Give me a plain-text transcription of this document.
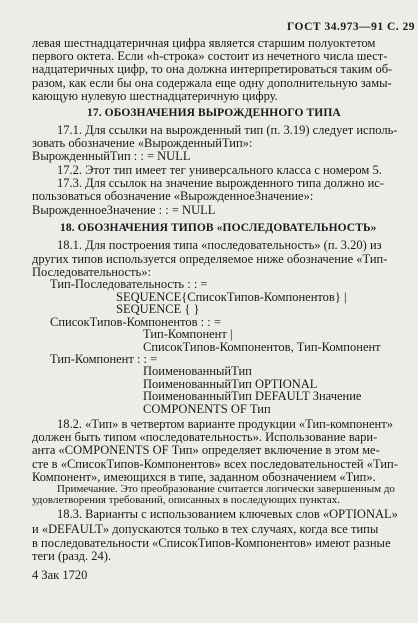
ГОСТ 34.973—91 С. 29
левая шестнадцатеричная цифра является старшим полуоктетом
первого октета. Если «h-строка» состоит из нечетного числа шест-
надцатеричных цифр, то она должна интерпретироваться таким об-
разом, как если бы она содержала еще одну дополнительную замы-
кающую нулевую шестнадцатеричную цифру.
17. ОБОЗНАЧЕНИЯ ВЫРОЖДЕННОГО ТИПА
17.1. Для ссылки на вырожденный тип (п. 3.19) следует исполь-
зовать обозначение «ВырожденныйТип»:
ВырожденныйТип : : = NULL
17.2. Этот тип имеет тег универсального класса с номером 5.
17.3. Для ссылок на значение вырожденного типа должно ис-
пользоваться обозначение «ВырожденноеЗначение»:
ВырожденноеЗначение : : = NULL
18. ОБОЗНАЧЕНИЯ ТИПОВ «ПОСЛЕДОВАТЕЛЬНОСТЬ»
18.1. Для построения типа «последовательность» (п. 3.20) из
других типов используется определяемое ниже обозначение «Тип-
Последовательность»:
Тип-Последовательность : : =
SEQUENCE{СписокТипов-Компонентов} |
SEQUENCE { }
СписокТипов-Компонентов : : =
Тип-Компонент |
СписокТипов-Компонентов, Тип-Компонент
Тип-Компонент : : =
ПоименованныйТип
ПоименованныйТип OPTIONAL
ПоименованныйТип DEFAULT Значение
COMPONENTS OF Тип
18.2. «Тип» в четвертом варианте продукции «Тип-компонент»
должен быть типом «последовательность». Использование вари-
анта «COMPONENTS OF Тип» определяет включение в этом ме-
сте в «СписокТипов-Компонентов» всех последовательностей «Тип-
Компонент», имеющихся в типе, заданном обозначением «Тип».
Примечание. Это преобразование считается логически завершенным до
удовлетворения требований, описанных в последующих пунктах.
18.3. Варианты с использованием ключевых слов «OPTIONAL»
и «DEFAULT» допускаются только в тех случаях, когда все типы
в последовательности «СписокТипов-Компонентов» имеют разные
теги (разд. 24).
4 Зак 1720
